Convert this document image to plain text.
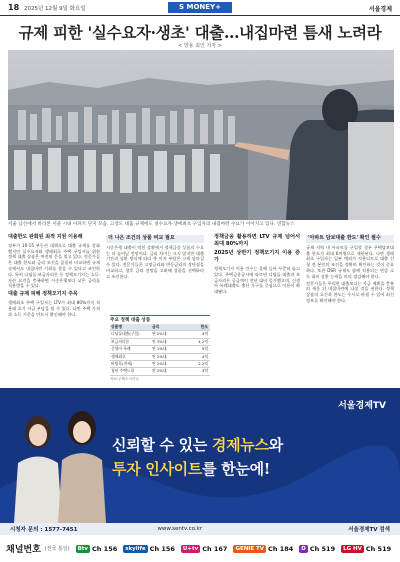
18 2025년 12월 9일 화요일	S MONEY+	서울경제
규제 피한 '실수요자·생초' 대출…내집마련 틈새 노려라
< 방용 최인 기자 >
서울 남산에서 바라본 서울 시내 아파트 단지 모습. 고강도 대출 규제에도 실수요자·생애최초 구입자의 내집마련 수요가 이어지고 있다. 연합뉴스
대출한도 완화된 최적 지원 이용해

정부가 10·15 부동산 대책으로 대출 규제를 강화했지만 실수요자와 생애최초 주택 구입자를 위한 정책 대출 상품은 여전히 문을 열고 있다. 전문가들은 대출 한도와 금리 조건을 꼼꼼히 비교하면 규제 속에서도 내집마련 기회를 찾을 수 있다고 조언한다. 특히 디딤돌·보금자리론 등 정책모기지는 소득·자산 요건을 충족하면 시중은행보다 낮은 금리를 적용받을 수 있다.

대출 규제 피해 정책모기지 주목

생애최초 주택 구입자는 LTV가 최대 80%까지 적용돼 초기 자금 부담을 덜 수 있다. 다만 주택 가격과 소득 기준을 반드시 확인해야 한다.

더 나은 조건의 상품 비교 필요

시중은행 대출이 막힌 상황에서 정책금융 상품의 수요는 더 늘어날 전망이다. 금리 차이는 크지 않지만 대출 기간과 상환 방식에 따라 총 이자 부담은 크게 달라질 수 있다. 전문가들은 고정금리와 변동금리의 장단점을 비교하고, 향후 금리 전망을 고려해 상품을 선택하라고 조언한다.

주요 정책 대출 상품
상품명	금리	한도
디딤돌대출(구입)	연 2%대	4억
보금자리론	연 3%대	4.2억
신생아 특례	연 1%대	5억
생애최초	연 2%대	4억
버팀목(전세)	연 2%대	2.2억
청년 주택드림	연 2%대	3억
자료:주택도시기금
정책금융 활용하면 LTV 규제 넘어서 최대 80%까지
2025년 상반기 정책모기지 이용 증가

정책모기지 이용 건수는 올해 들어 꾸준히 늘고 있다. 주택금융공사에 따르면 디딤돌 대출과 보금자리론 공급액이 전년 대비 증가했으며, 신생아 특례대출도 출산 가구를 중심으로 이용이 확대됐다.

'아파트 담보대출 한도' 확인 필수

규제 지역 내 아파트를 구입할 경우 주택담보대출 한도가 최대 6억원으로 제한된다. 다만 생애최초 구입자는 일부 예외가 적용되므로 대출 신청 전 본인의 조건을 정확히 확인하는 것이 중요하다. 또한 DSR 규제도 함께 적용되는 만큼 소득 대비 상환 능력을 미리 점검해야 한다.

전문가들은 무리한 대출보다는 자금 계획을 충분히 세운 뒤 내집마련에 나설 것을 권한다. 정책 상품의 요건과 한도는 수시로 바뀔 수 있어 최신 정보를 확인해야 한다.

서울경제TV
신뢰할 수 있는 경제뉴스와
투자 인사이트를 한눈에!
시청자 문의 : 1577-7451	www.sentv.co.kr	서울경제TV 검색
채널번호 (전국 통일)	Btv Ch 156	skylife Ch 156	U+tv Ch 167	GENIE TV Ch 184	D Ch 519	LG HV Ch 519
